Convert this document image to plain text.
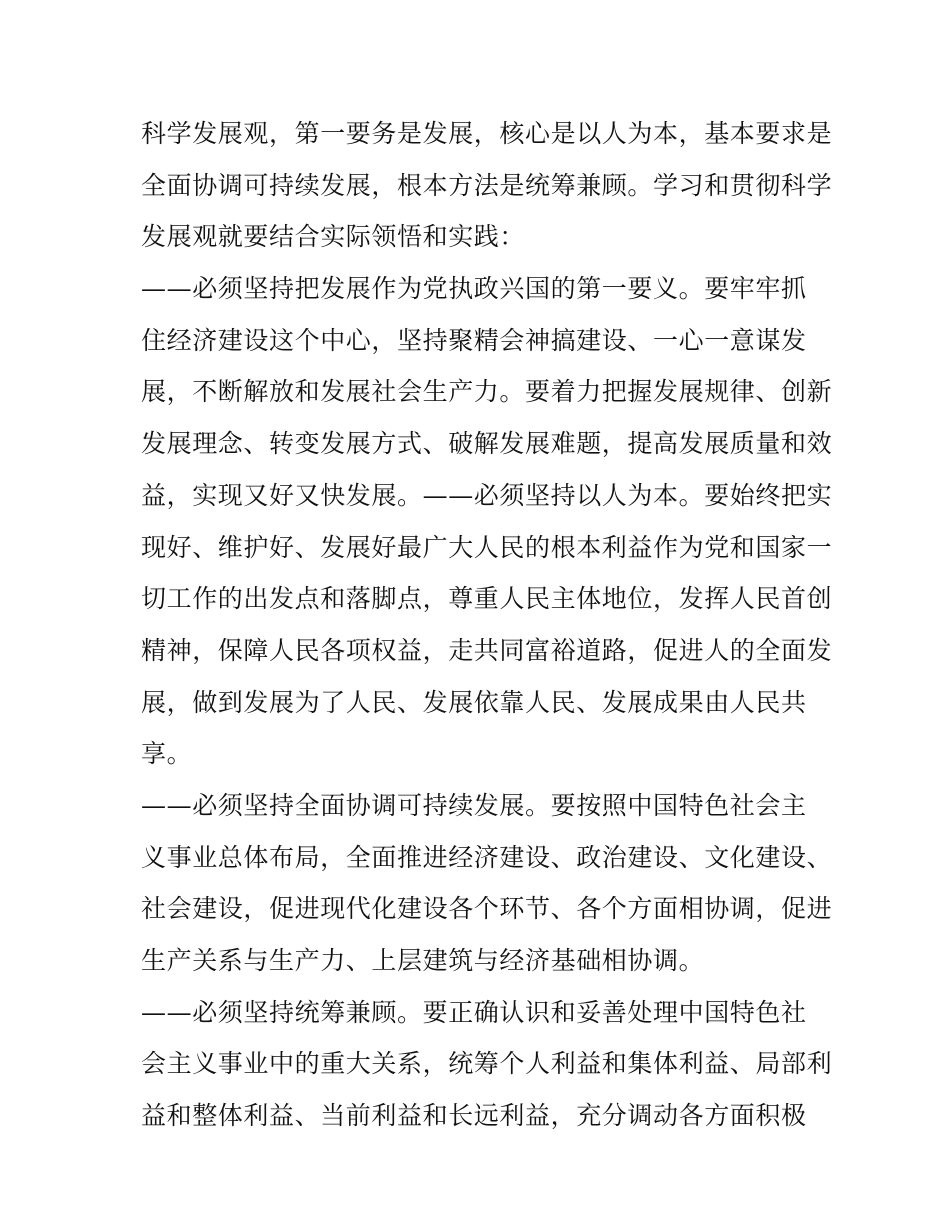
科学发展观，第一要务是发展，核心是以人为本，基本要求是
全面协调可持续发展，根本方法是统筹兼顾。学习和贯彻科学
发展观就要结合实际领悟和实践：
——必须坚持把发展作为党执政兴国的第一要义。要牢牢抓
住经济建设这个中心，坚持聚精会神搞建设、一心一意谋发
展，不断解放和发展社会生产力。要着力把握发展规律、创新
发展理念、转变发展方式、破解发展难题，提高发展质量和效
益，实现又好又快发展。——必须坚持以人为本。要始终把实
现好、维护好、发展好最广大人民的根本利益作为党和国家一
切工作的出发点和落脚点，尊重人民主体地位，发挥人民首创
精神，保障人民各项权益，走共同富裕道路，促进人的全面发
展，做到发展为了人民、发展依靠人民、发展成果由人民共
享。
——必须坚持全面协调可持续发展。要按照中国特色社会主
义事业总体布局，全面推进经济建设、政治建设、文化建设、
社会建设，促进现代化建设各个环节、各个方面相协调，促进
生产关系与生产力、上层建筑与经济基础相协调。
——必须坚持统筹兼顾。要正确认识和妥善处理中国特色社
会主义事业中的重大关系，统筹个人利益和集体利益、局部利
益和整体利益、当前利益和长远利益，充分调动各方面积极
